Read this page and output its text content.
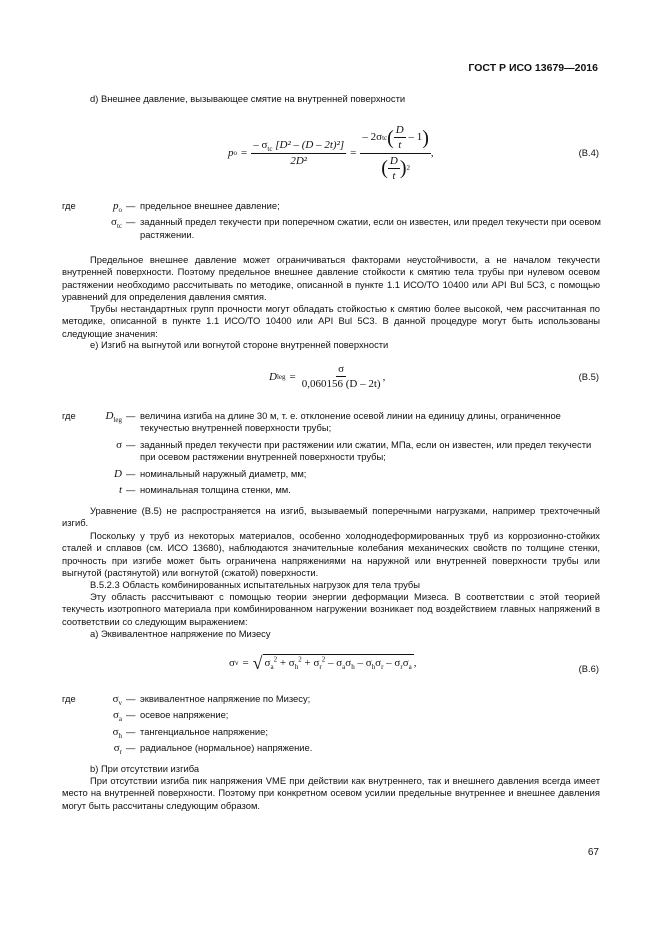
ГОСТ Р ИСО 13679—2016
d) Внешнее давление, вызывающее смятие на внутренней поверхности
p $o = \frac{- \sigma_{tc} [D^2 - (D - 2t)^2]}{\text{2D²}} = \frac{- 2\sigma tc ( \frac{D}{t} - 1 )}{( \frac{D}{t} ) 2}$ ,	(B.4)
где	$p_o$ — предельное внешнее давление;
$\sigma_{tc}$ — заданный предел текучести при поперечном сжатии, если он известен, или предел текучести при осевом растяжении.
Предельное внешнее давление может ограничиваться факторами неустойчивости, а не началом текучести внутренней поверхности. Поэтому предельное внешнее давление стойкости к смятию тела трубы при нулевом осевом растяжении необходимо рассчитывать по методике, описанной в пункте 1.1 ИСО/ТО 10400 или API Bul 5C3, с помощью уравнений для определения давления смятия.
Трубы нестандартных групп прочности могут обладать стойкостью к смятию более высокой, чем рассчитанная по методике, описанной в пункте 1.1 ИСО/ТО 10400 или API Bul 5C3. В данной процедуре могут быть использованы следующие значения:
e) Изгиб на выгнутой или вогнутой стороне внутренней поверхности
D leg = $\frac{\sigma}{0,060156 (D - 2t)}$ ,	(B.5)
где	$D_{leg}$ — величина изгиба на длине 30 м, т. е. отклонение осевой линии на единицу длины, ограниченное текучестью внутренней поверхности трубы;
σ — заданный предел текучести при растяжении или сжатии, МПа, если он известен, или предел текучести при осевом растяжении внутренней поверхности трубы;
D — номинальный наружный диаметр, мм;
t — номинальная толщина стенки, мм.
Уравнение (B.5) не распространяется на изгиб, вызываемый поперечными нагрузками, например трехточечный изгиб.
Поскольку у труб из некоторых материалов, особенно холоднодеформированных труб из коррозионно-стойких сталей и сплавов (см. ИСО 13680), наблюдаются значительные колебания механических свойств по толщине стенки, прочность при изгибе может быть ограничена напряжениями на наружной или внутренней поверхности трубы или выгнутой (растянутой) или вогнутой (сжатой) поверхности.
B.5.2.3 Область комбинированных испытательных нагрузок для тела трубы
Эту область рассчитывают с помощью теории энергии деформации Мизеса. В соответствии с этой теорией текучесть изотропного материала при комбинированном нагружении возникает под воздействием главных напряжений в соответствии со следующим выражением:
a) Эквивалентное напряжение по Мизесу
σ v = √ $\sigma_a^2 + \sigma_h^2 + \sigma_r^2 - \sigma_a\sigma_h - \sigma_h\sigma_r - \sigma_r\sigma_a$ ,	(B.6)
где	$\sigma_v$ — эквивалентное напряжение по Мизесу;
$\sigma_a$ — осевое напряжение;
$\sigma_h$ — тангенциальное напряжение;
$\sigma_r$ — радиальное (нормальное) напряжение.
b) При отсутствии изгиба
При отсутствии изгиба пик напряжения VME при действии как внутреннего, так и внешнего давления всегда имеет место на внутренней поверхности. Поэтому при конкретном осевом усилии предельные внутреннее и внешнее давления могут быть рассчитаны следующим образом.
67
